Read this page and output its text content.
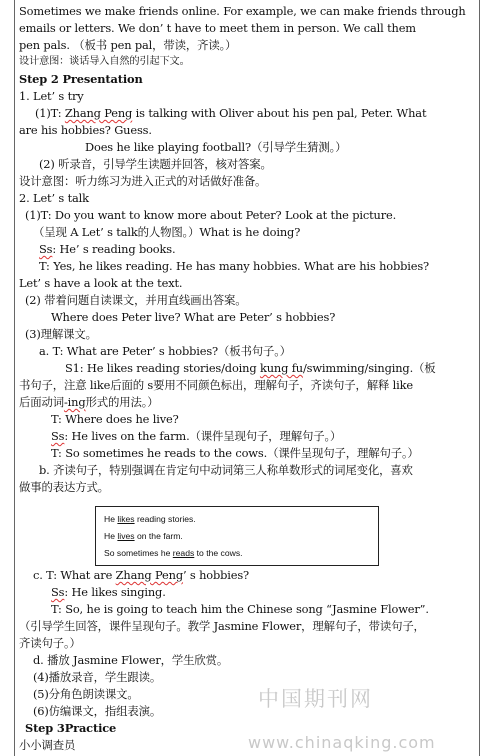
Sometimes we make friends online. For example, we can make friends through
emails or letters. We don’ t have to meet them in person. We call them
pen pals. （板书 pen pal，带读，齐读。）
设计意图：谈话导入自然的引起下文。
Step 2 Presentation
1. Let’ s try
(1)T: Zhang Peng is talking with Oliver about his pen pal, Peter. What
are his hobbies? Guess.
Does he like playing football?（引导学生猜测。）
(2) 听录音，引导学生读题并回答，核对答案。
设计意图：听力练习为进入正式的对话做好准备。
2. Let’ s talk
(1)T: Do you want to know more about Peter? Look at the picture.
（呈现 A Let’ s talk的人物图。）What is he doing?
Ss: He’ s reading books.
T: Yes, he likes reading. He has many hobbies. What are his hobbies?
Let’ s have a look at the text.
(2) 带着问题自读课文，并用直线画出答案。
Where does Peter live? What are Peter’ s hobbies?
(3)理解课文。
a. T: What are Peter’ s hobbies?（板书句子。）
S1: He likes reading stories/doing kung fu/swimming/singing.（板
书句子，注意 like后面的 s要用不同颜色标出，理解句子，齐读句子，解释 like
后面动词-ing形式的用法。）
T: Where does he live?
Ss: He lives on the farm.（课件呈现句子，理解句子。）
T: So sometimes he reads to the cows.（课件呈现句子，理解句子。）
b. 齐读句子，特别强调在肯定句中动词第三人称单数形式的词尾变化，喜欢
做事的表达方式。
He likes reading stories.
He lives on the farm.
So sometimes he reads to the cows.
c. T: What are Zhang Peng’ s hobbies?
Ss: He likes singing.
T: So, he is going to teach him the Chinese song “Jasmine Flower”.
（引导学生回答，课件呈现句子。教学 Jasmine Flower，理解句子，带读句子，
齐读句子。）
d. 播放 Jasmine Flower，学生欣赏。
(4)播放录音，学生跟读。
(5)分角色朗读课文。
(6)仿编课文，指组表演。
Step 3Practice
小小调查员
中国期刊网
www.chinaqking.com
